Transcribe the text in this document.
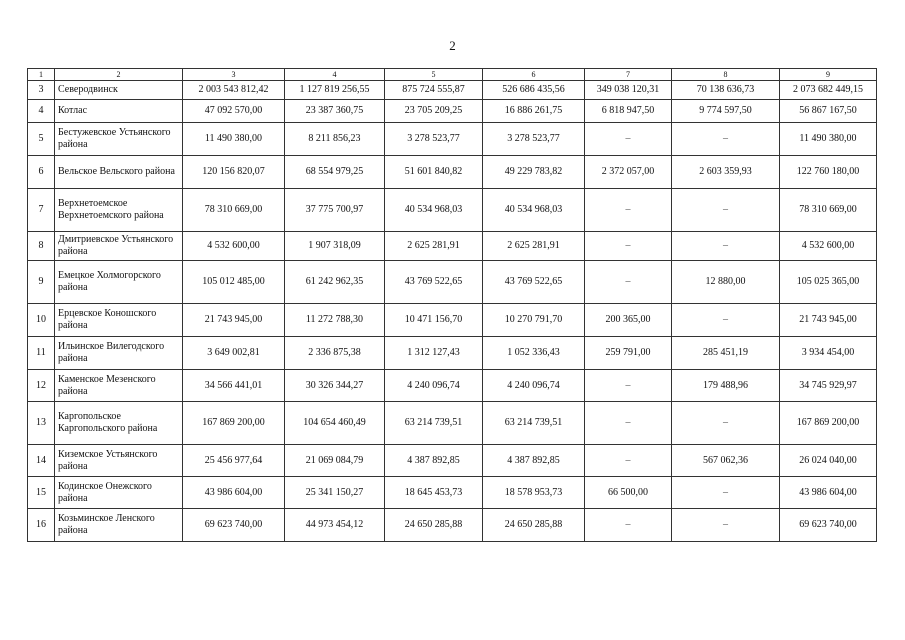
2
1	2	3	4	5	6	7	8	9
3	Северодвинск	2 003 543 812,42	1 127 819 256,55	875 724 555,87	526 686 435,56	349 038 120,31	70 138 636,73	2 073 682 449,15
4	Котлас	47 092 570,00	23 387 360,75	23 705 209,25	16 886 261,75	6 818 947,50	9 774 597,50	56 867 167,50
5	Бестужевское Устьянского района	11 490 380,00	8 211 856,23	3 278 523,77	3 278 523,77	–	–	11 490 380,00
6	Вельское Вельского района	120 156 820,07	68 554 979,25	51 601 840,82	49 229 783,82	2 372 057,00	2 603 359,93	122 760 180,00
7	Верхнетоемское Верхнетоемского района	78 310 669,00	37 775 700,97	40 534 968,03	40 534 968,03	–	–	78 310 669,00
8	Дмитриевское Устьянского района	4 532 600,00	1 907 318,09	2 625 281,91	2 625 281,91	–	–	4 532 600,00
9	Емецкое Холмогорского района	105 012 485,00	61 242 962,35	43 769 522,65	43 769 522,65	–	12 880,00	105 025 365,00
10	Ерцевское Коношского района	21 743 945,00	11 272 788,30	10 471 156,70	10 270 791,70	200 365,00	–	21 743 945,00
11	Ильинское Вилегодского района	3 649 002,81	2 336 875,38	1 312 127,43	1 052 336,43	259 791,00	285 451,19	3 934 454,00
12	Каменское Мезенского района	34 566 441,01	30 326 344,27	4 240 096,74	4 240 096,74	–	179 488,96	34 745 929,97
13	Каргопольское Каргопольского района	167 869 200,00	104 654 460,49	63 214 739,51	63 214 739,51	–	–	167 869 200,00
14	Киземское Устьянского района	25 456 977,64	21 069 084,79	4 387 892,85	4 387 892,85	–	567 062,36	26 024 040,00
15	Кодинское Онежского района	43 986 604,00	25 341 150,27	18 645 453,73	18 578 953,73	66 500,00	–	43 986 604,00
16	Козьминское Ленского района	69 623 740,00	44 973 454,12	24 650 285,88	24 650 285,88	–	–	69 623 740,00
